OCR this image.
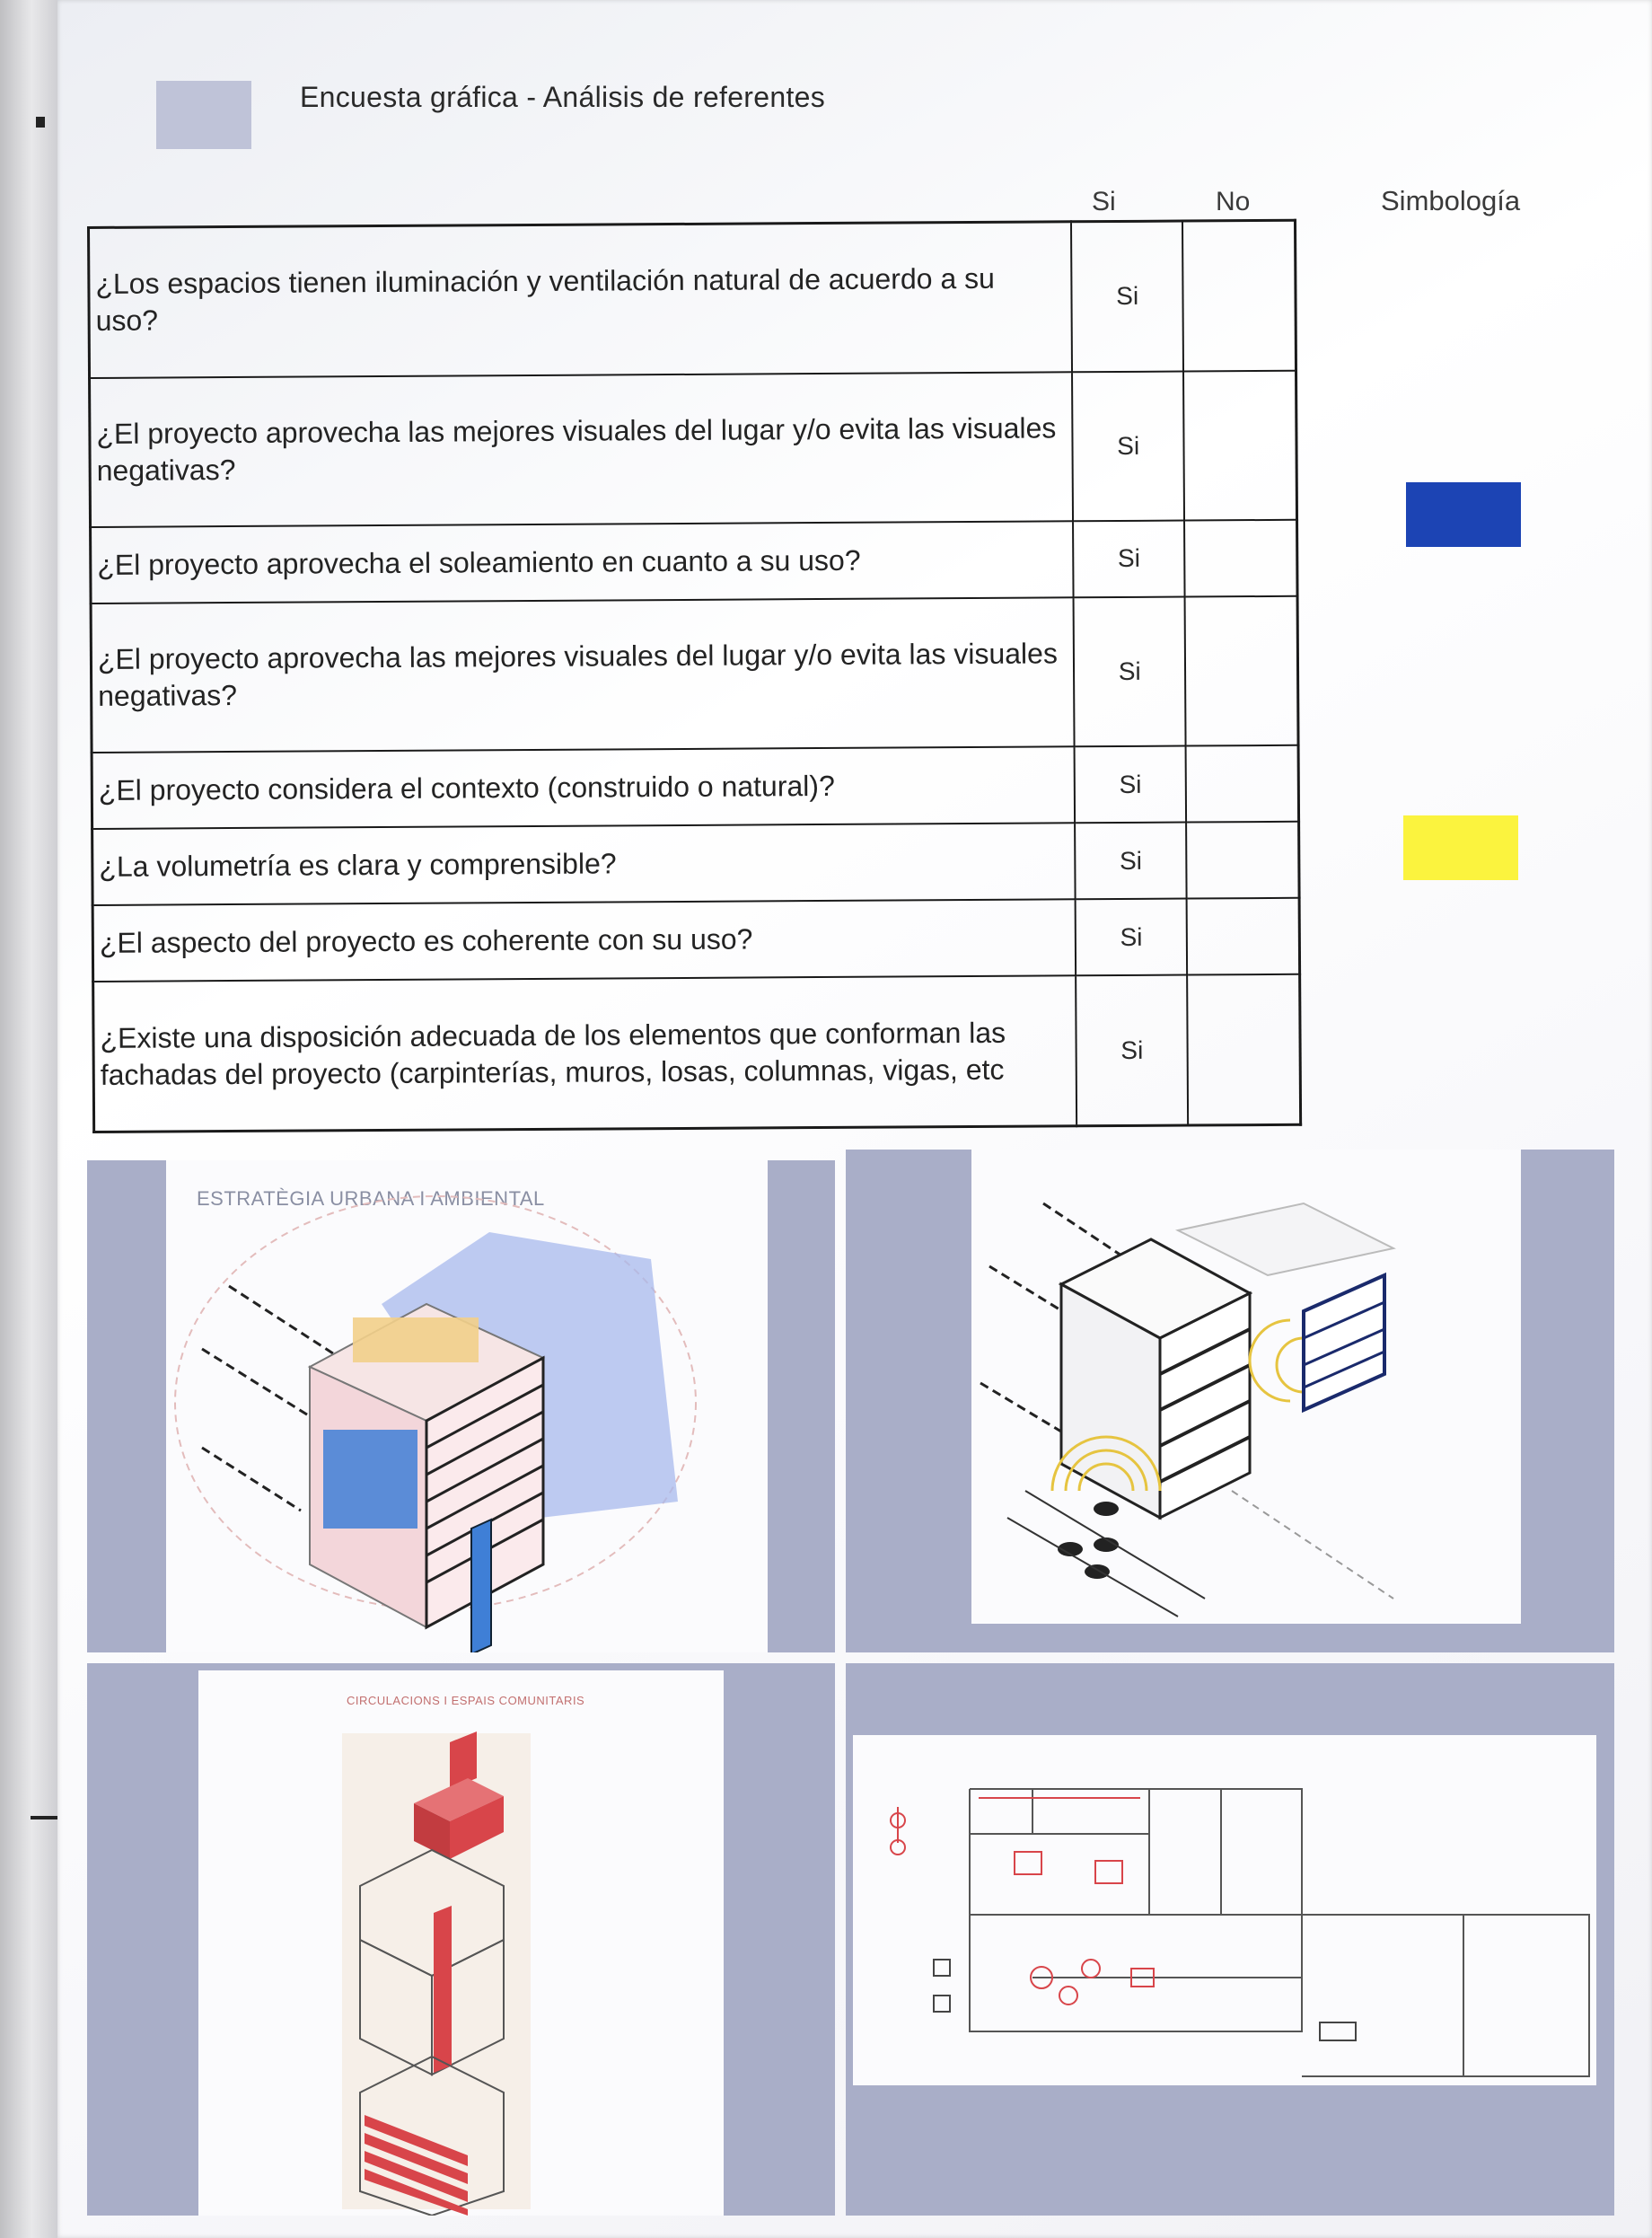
Encuesta gráfica - Análisis de referentes
Si	No	Simbología
¿Los espacios tienen iluminación y ventilación natural de acuerdo a su uso?	Si	
¿El proyecto aprovecha las mejores visuales del lugar y/o evita las visuales negativas?	Si	
¿El proyecto aprovecha el soleamiento en cuanto a su uso?	Si	
¿El proyecto aprovecha las mejores visuales del lugar y/o evita las visuales negativas?	Si	
¿El proyecto considera el contexto (construido o natural)?	Si	
¿La volumetría es clara y comprensible?	Si	
¿El aspecto del proyecto es coherente con su uso?	Si	
¿Existe una disposición adecuada de los elementos que conforman las fachadas del proyecto (carpinterías, muros, losas, columnas, vigas, etc	Si	
ESTRATÈGIA URBANA I AMBIENTAL
CIRCULACIONS I ESPAIS COMUNITARIS
